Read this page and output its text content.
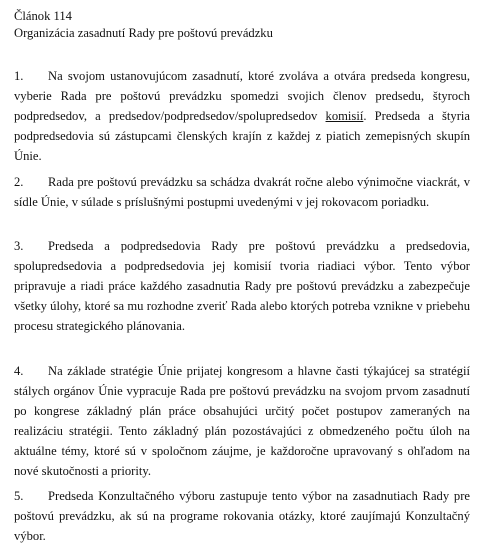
Článok 114

Organizácia zasadnutí Rady pre poštovú prevádzku

1. Na svojom ustanovujúcom zasadnutí, ktoré zvoláva a otvára predseda kongresu, vyberie Rada pre poštovú prevádzku spomedzi svojich členov predsedu, štyroch podpredsedov, a predsedov/podpredsedov/spolupredsedov komisií. Predseda a štyria podpredsedovia sú zástupcami členských krajín z každej z piatich zemepisných skupín Únie.

2. Rada pre poštovú prevádzku sa schádza dvakrát ročne alebo výnimočne viackrát, v sídle Únie, v súlade s príslušnými postupmi uvedenými v jej rokovacom poriadku.

3. Predseda a podpredsedovia Rady pre poštovú prevádzku a predsedovia, spolupredsedovia a podpredsedovia jej komisií tvoria riadiaci výbor. Tento výbor pripravuje a riadi práce každého zasadnutia Rady pre poštovú prevádzku a zabezpečuje všetky úlohy, ktoré sa mu rozhodne zveriť Rada alebo ktorých potreba vznikne v priebehu procesu strategického plánovania.

4. Na základe stratégie Únie prijatej kongresom a hlavne časti týkajúcej sa stratégií stálych orgánov Únie vypracuje Rada pre poštovú prevádzku na svojom prvom zasadnutí po kongrese základný plán práce obsahujúci určitý počet postupov zameraných na realizáciu stratégii. Tento základný plán pozostávajúci z obmedzeného počtu úloh na aktuálne témy, ktoré sú v spoločnom záujme, je každoročne upravovaný s ohľadom na nové skutočnosti a priority.

5. Predseda Konzultačného výboru zastupuje tento výbor na zasadnutiach Rady pre poštovú prevádzku, ak sú na programe rokovania otázky, ktoré zaujímajú Konzultačný výbor.
